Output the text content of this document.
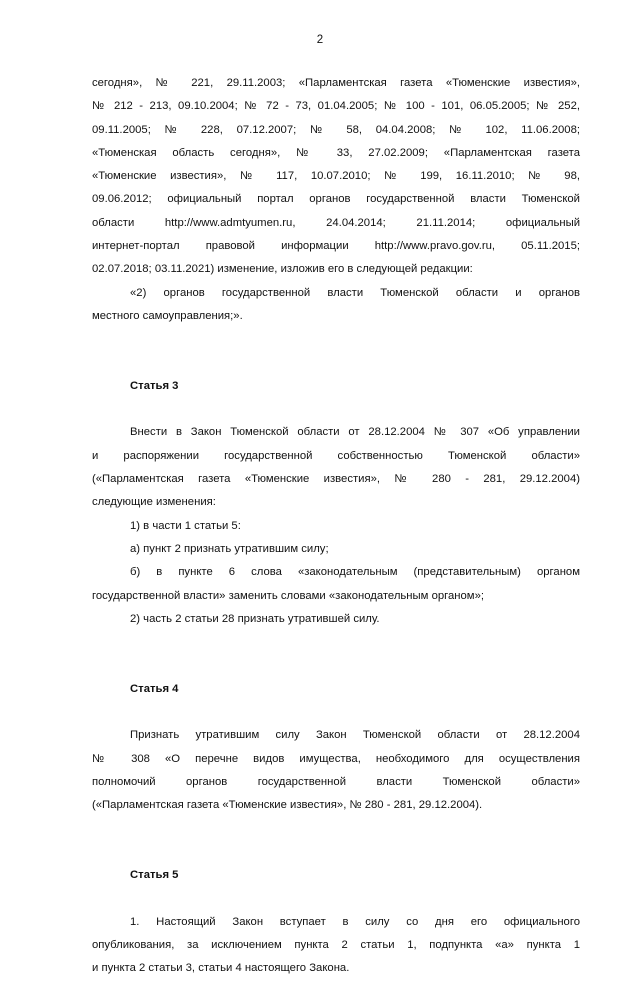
2

сегодня», № 221, 29.11.2003; «Парламентская газета «Тюменские известия»,

№ 212 - 213, 09.10.2004; № 72 - 73, 01.04.2005; № 100 - 101, 06.05.2005; № 252,

09.11.2005; № 228, 07.12.2007; № 58, 04.04.2008; № 102, 11.06.2008;

«Тюменская область сегодня», № 33, 27.02.2009; «Парламентская газета

«Тюменские известия», № 117, 10.07.2010; № 199, 16.11.2010; № 98,

09.06.2012; официальный портал органов государственной власти Тюменской

области http://www.admtyumen.ru, 24.04.2014; 21.11.2014; официальный

интернет-портал правовой информации http://www.pravo.gov.ru, 05.11.2015;

02.07.2018; 03.11.2021) изменение, изложив его в следующей редакции:

«2) органов государственной власти Тюменской области и органов

местного самоуправления;».

Статья 3

Внести в Закон Тюменской области от 28.12.2004 № 307 «Об управлении

и распоряжении государственной собственностью Тюменской области»

(«Парламентская газета «Тюменские известия», № 280 - 281, 29.12.2004)

следующие изменения:

1) в части 1 статьи 5:

а) пункт 2 признать утратившим силу;

б) в пункте 6 слова «законодательным (представительным) органом

государственной власти» заменить словами «законодательным органом»;

2) часть 2 статьи 28 признать утратившей силу.

Статья 4

Признать утратившим силу Закон Тюменской области от 28.12.2004

№ 308 «О перечне видов имущества, необходимого для осуществления

полномочий органов государственной власти Тюменской области»

(«Парламентская газета «Тюменские известия», № 280 - 281, 29.12.2004).

Статья 5

1. Настоящий Закон вступает в силу со дня его официального

опубликования, за исключением пункта 2 статьи 1, подпункта «а» пункта 1

и пункта 2 статьи 3, статьи 4 настоящего Закона.
